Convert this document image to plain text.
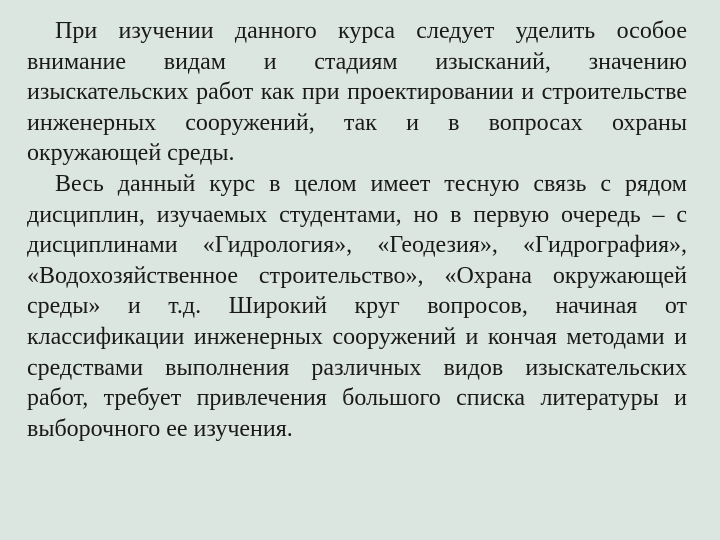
При изучении данного курса следует уделить особое внимание видам и стадиям изысканий, значению изыскательских работ как при проектировании и строительстве инженерных сооружений, так и в вопросах охраны окружающей среды.

Весь данный курс в целом имеет тесную связь с рядом дисциплин, изучаемых студентами, но в первую очередь – с дисциплинами «Гидрология», «Геодезия», «Гидрография», «Водохозяйственное строительство», «Охрана окружающей среды» и т.д. Широкий круг вопросов, начиная от классификации инженерных сооружений и кончая методами и средствами выполнения различных видов изыскательских работ, требует привлечения большого списка литературы и выборочного ее изучения.
